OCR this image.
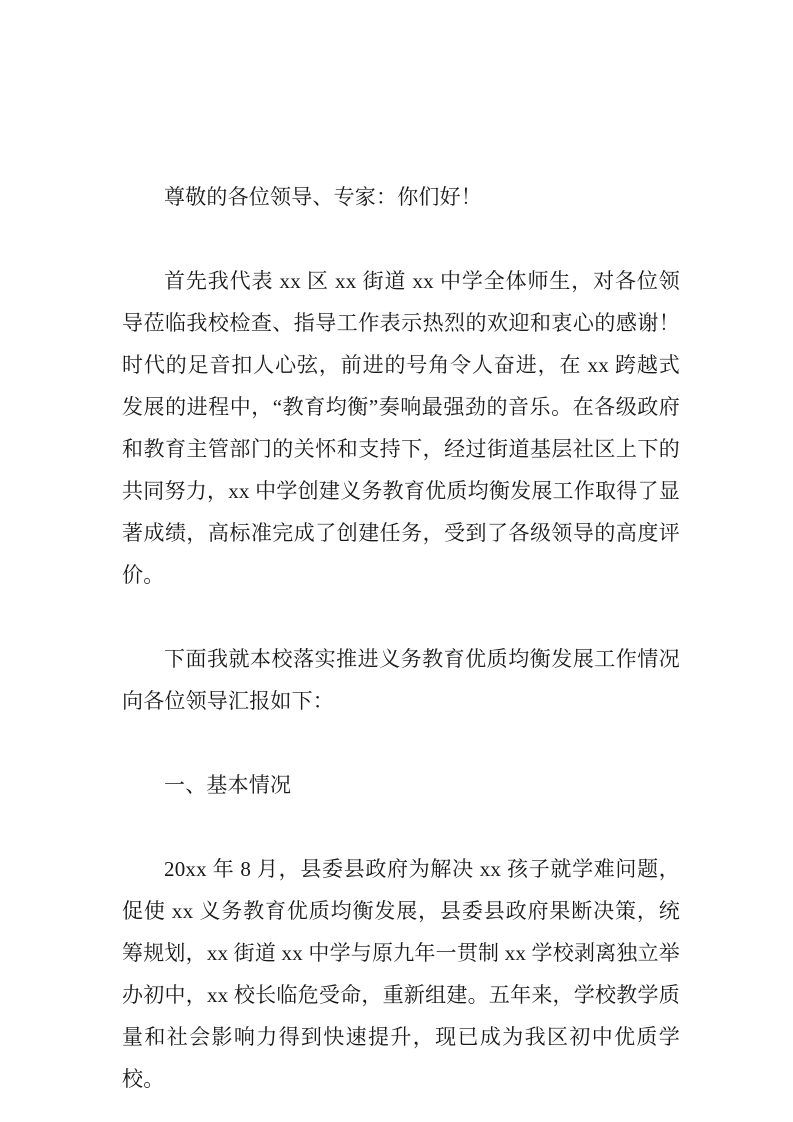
尊敬的各位领导、专家：你们好！

首先我代表 xx 区 xx 街道 xx 中学全体师生，对各位领导莅临我校检查、指导工作表示热烈的欢迎和衷心的感谢！时代的足音扣人心弦，前进的号角令人奋进，在 xx 跨越式发展的进程中，“教育均衡”奏响最强劲的音乐。在各级政府和教育主管部门的关怀和支持下，经过街道基层社区上下的共同努力，xx 中学创建义务教育优质均衡发展工作取得了显著成绩，高标准完成了创建任务，受到了各级领导的高度评价。

下面我就本校落实推进义务教育优质均衡发展工作情况向各位领导汇报如下：

一、基本情况

20xx 年 8 月，县委县政府为解决 xx 孩子就学难问题，促使 xx 义务教育优质均衡发展，县委县政府果断决策，统筹规划，xx 街道 xx 中学与原九年一贯制 xx 学校剥离独立举办初中，xx 校长临危受命，重新组建。五年来，学校教学质量和社会影响力得到快速提升，现已成为我区初中优质学校。
